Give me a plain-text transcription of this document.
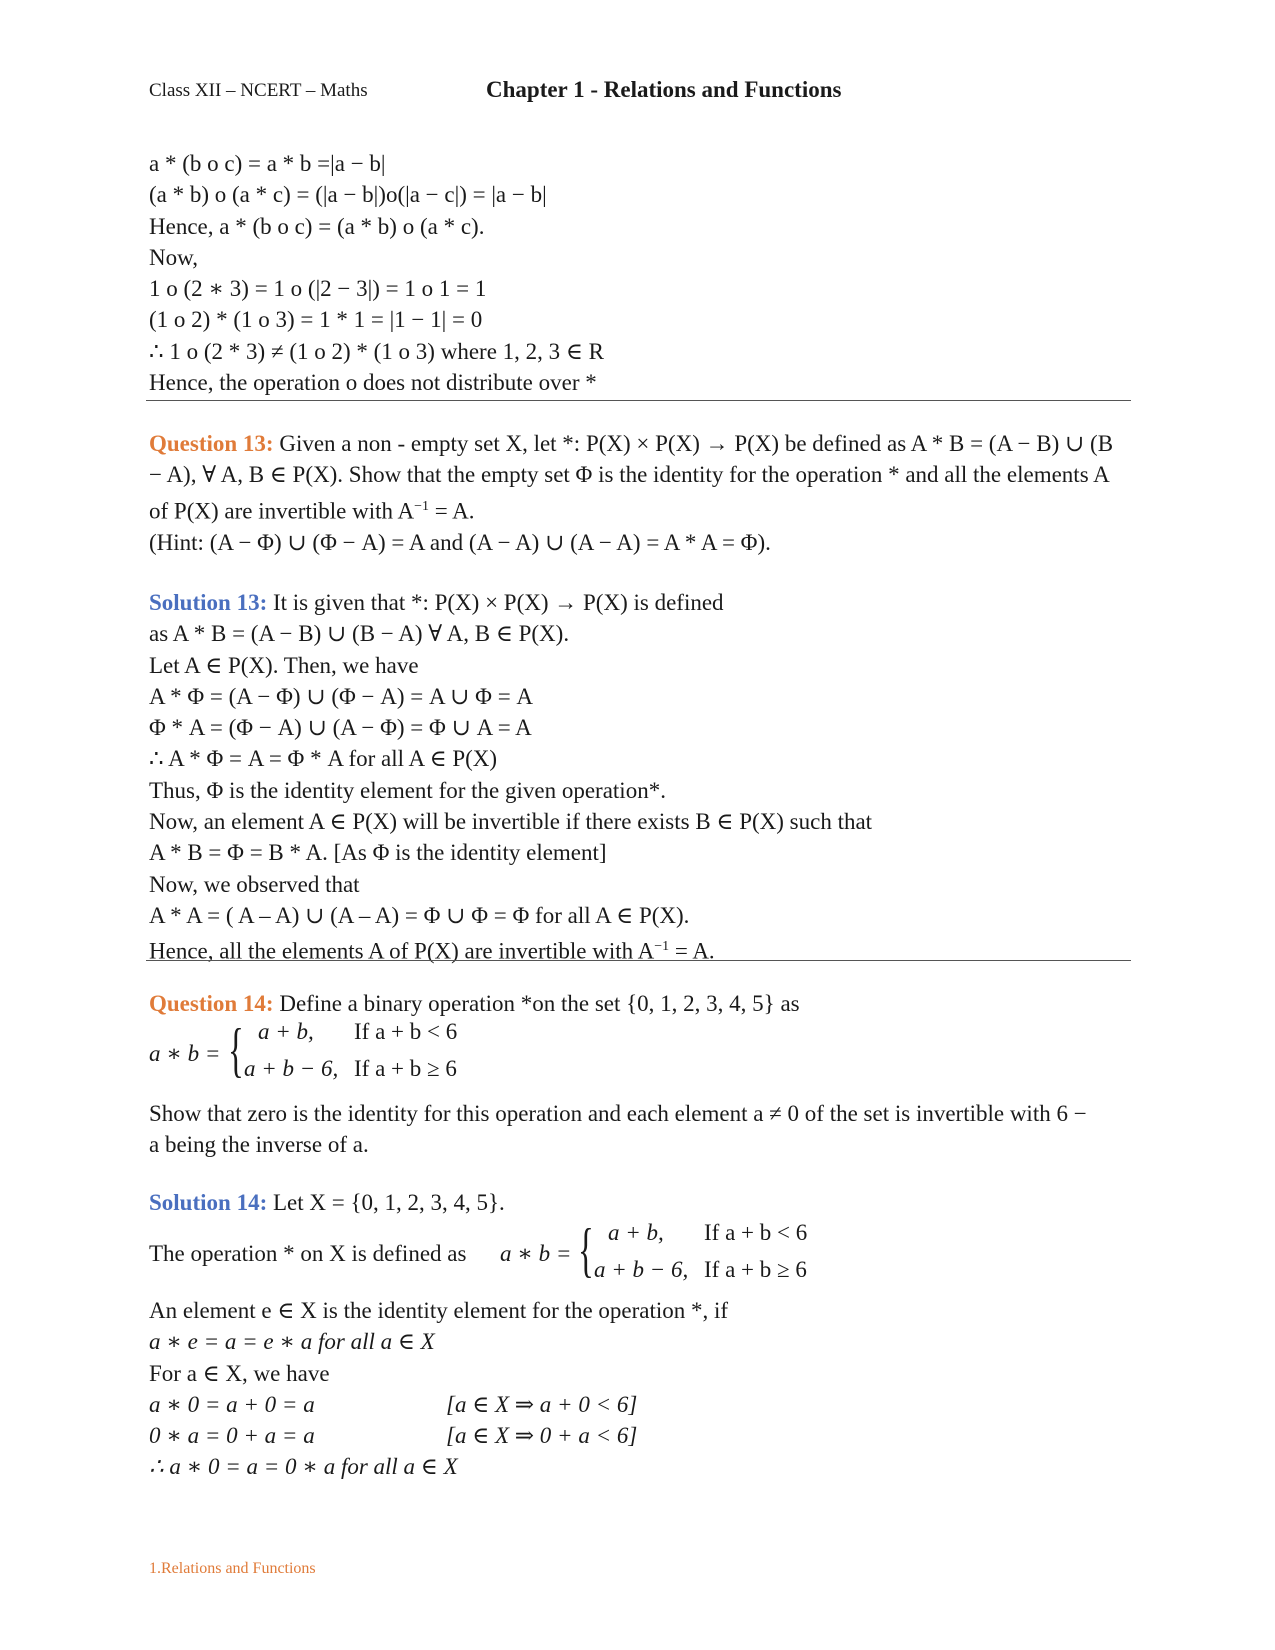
Class XII – NCERT – Maths	Chapter 1 - Relations and Functions
a * (b o c) = a * b =|a − b|
(a * b) o (a * c) = (|a − b|)o(|a − c|) = |a − b|
Hence, a * (b o c) = (a * b) o (a * c).
Now,
1 o (2 ∗ 3) = 1 o (|2 − 3|) = 1 o 1 = 1
(1 o 2) * (1 o 3) = 1 * 1 = |1 − 1| = 0
∴ 1 o (2 * 3) ≠ (1 o 2) * (1 o 3) where 1, 2, 3 ∈ R
Hence, the operation o does not distribute over *
Question 13: Given a non - empty set X, let *: P(X) × P(X) → P(X) be defined as A * B = (A − B) ∪ (B − A), ∀ A, B ∈ P(X). Show that the empty set Φ is the identity for the operation * and all the elements A of P(X) are invertible with $A^{-1} = A$.
(Hint: (A − Φ) ∪ (Φ − A) = A and (A − A) ∪ (A − A) = A * A = Φ).
Solution 13: It is given that *: P(X) × P(X) → P(X) is defined
as A * B = (A − B) ∪ (B − A) ∀ A, B ∈ P(X).
Let A ∈ P(X). Then, we have
A * Φ = (A − Φ) ∪ (Φ − A) = A ∪ Φ = A
Φ * A = (Φ − A) ∪ (A − Φ) = Φ ∪ A = A
∴ A * Φ = A = Φ * A for all A ∈ P(X)
Thus, Φ is the identity element for the given operation*.
Now, an element A ∈ P(X) will be invertible if there exists B ∈ P(X) such that
A * B = Φ = B * A. [As Φ is the identity element]
Now, we observed that
A * A = ( A – A) ∪ (A – A) = Φ ∪ Φ = Φ for all A ∈ P(X).
Hence, all the elements A of P(X) are invertible with $A^{-1} = A$.
Question 14: Define a binary operation *on the set {0, 1, 2, 3, 4, 5} as
a ∗ b = { a + b, If a + b < 6
a + b − 6, If a + b ≥ 6
Show that zero is the identity for this operation and each element a ≠ 0 of the set is invertible with 6 − a being the inverse of a.
Solution 14: Let X = {0, 1, 2, 3, 4, 5}.
The operation * on X is defined as a ∗ b = { a + b, If a + b < 6
a + b − 6, If a + b ≥ 6
An element e ∈ X is the identity element for the operation *, if
a ∗ e = a = e ∗ a for all a ∈ X
For a ∈ X, we have
a ∗ 0 = a + 0 = a	[a ∈ X ⇒ a + 0 < 6]
0 ∗ a = 0 + a = a	[a ∈ X ⇒ 0 + a < 6]
∴ a ∗ 0 = a = 0 ∗ a for all a ∈ X
1.Relations and Functions
